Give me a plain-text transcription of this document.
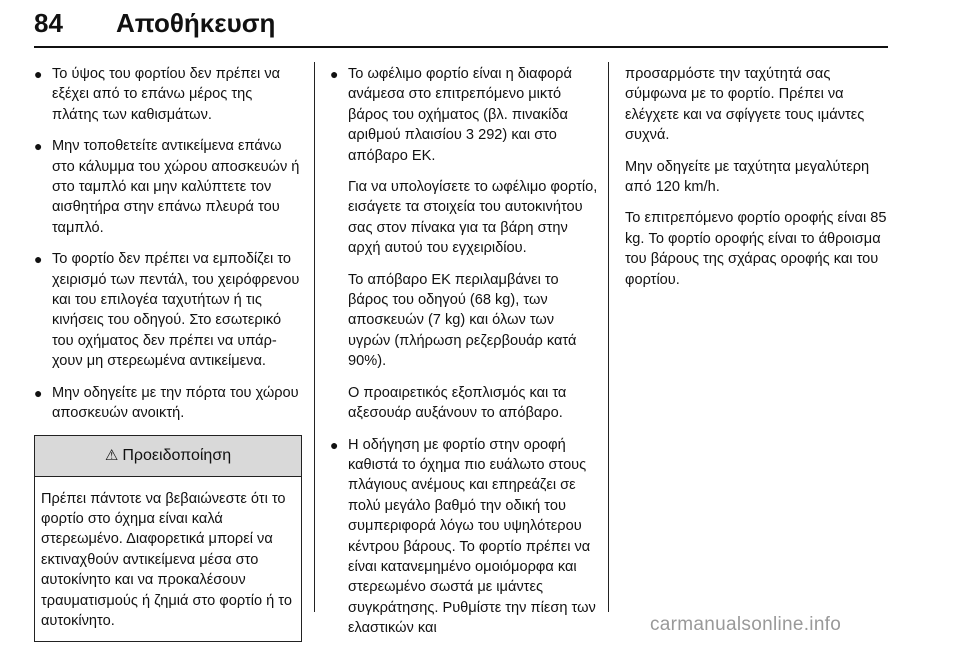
84 Αποθήκευση
● Το ύψος του φορτίου δεν πρέπει να εξέχει από το επάνω μέρος της πλάτης των καθισμάτων.
● Μην τοποθετείτε αντικείμενα επάνω στο κάλυμμα του χώρου αποσκευών ή στο ταμπλό και μην καλύπτετε τον αισθητήρα στην επάνω πλευρά του ταμπλό.
● Το φορτίο δεν πρέπει να εμποδίζει το χειρισμό των πεντάλ, του χειρόφρενου και του επιλογέα ταχυτήτων ή τις κινήσεις του οδηγού. Στο εσωτερικό του οχήματος δεν πρέπει να υπάρχουν μη στερεωμένα αντικείμενα.
● Μην οδηγείτε με την πόρτα του χώρου αποσκευών ανοικτή.
⚠ Προειδοποίηση
Πρέπει πάντοτε να βεβαιώνεστε ότι το φορτίο στο όχημα είναι καλά στερεωμένο. Διαφορετικά μπορεί να εκτιναχθούν αντικείμενα μέσα στο αυτοκίνητο και να προκαλέσουν τραυματισμούς ή ζημιά στο φορτίο ή το αυτοκίνητο.
● Το ωφέλιμο φορτίο είναι η διαφορά ανάμεσα στο επιτρεπόμενο μικτό βάρος του οχήματος (βλ. πινακίδα αριθμού πλαισίου 3 292) και στο απόβαρο ΕΚ.
Για να υπολογίσετε το ωφέλιμο φορτίο, εισάγετε τα στοιχεία του αυτοκινήτου σας στον πίνακα για τα βάρη στην αρχή αυτού του εγχειριδίου.
Το απόβαρο ΕΚ περιλαμβάνει το βάρος του οδηγού (68 kg), των αποσκευών (7 kg) και όλων των υγρών (πλήρωση ρεζερβουάρ κατά 90%).
Ο προαιρετικός εξοπλισμός και τα αξεσουάρ αυξάνουν το απόβαρο.
● Η οδήγηση με φορτίο στην οροφή καθιστά το όχημα πιο ευάλωτο στους πλάγιους ανέμους και επηρεάζει σε πολύ μεγάλο βαθμό την οδική του συμπεριφορά λόγω του υψηλότερου κέντρου βάρους. Το φορτίο πρέπει να είναι κατανεμημένο ομοιόμορφα και στερεωμένο σωστά με ιμάντες συγκράτησης. Ρυθμίστε την πίεση των ελαστικών και
προσαρμόστε την ταχύτητά σας σύμφωνα με το φορτίο. Πρέπει να ελέγχετε και να σφίγγετε τους ιμάντες συχνά.
Μην οδηγείτε με ταχύτητα μεγαλύτερη από 120 km/h.
Το επιτρεπόμενο φορτίο οροφής είναι 85 kg. Το φορτίο οροφής είναι το άθροισμα του βάρους της σχάρας οροφής και του φορτίου.
carmanualsonline.info
